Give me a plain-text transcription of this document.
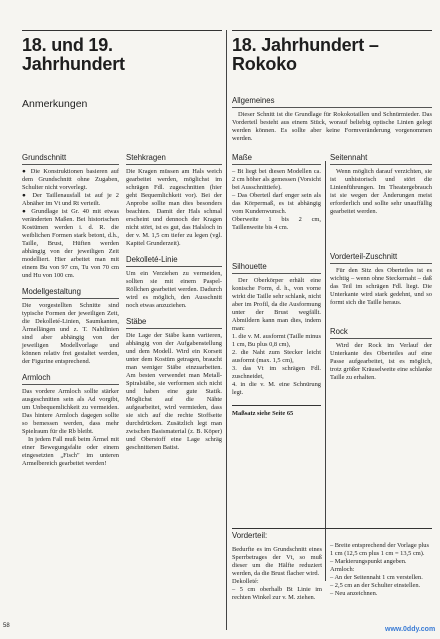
18. und 19.
Jahrhundert
Anmerkungen
Grundschnitt

● Die Konstruktionen basieren auf dem Grundschnitt ohne Zugaben, Schulter nicht vorverlegt.

● Der Taillenausfall ist auf je 2 Abnäher im Vt und Rt verteilt.

● Grundlage ist Gr. 40 mit etwas veränderten Maßen. Bei historischen Kostümen werden i. d. R. die weiblichen Formen stark betont, d.h., Taille, Brust, Hüften werden abhängig von der jeweiligen Zeit modelliert. Hier arbeitet man mit einem Bu von 97 cm, Tu von 70 cm und Hu von 100 cm.

Modellgestaltung
Die vorgestellten Schnitte sind typische Formen der jeweiligen Zeit, die Dekolleté-Linien, Saumkanten, Ärmellängen und z. T. Nahtlinien sind aber abhängig von der jeweiligen Modellvorlage und können relativ frei gestaltet werden, der Figurine entsprechend.
Armloch

Das vordere Armloch sollte stärker ausgeschnitten sein als Ad vorgibt, um Unbequemlichkeit zu vermeiden. Das hintere Armloch dagegen sollte so bemessen werden, dass mehr Spielraum für die Rb bleibt.

In jedem Fall muß beim Ärmel mit einer Bewegungsfalte oder einem eingesetzten „Fisch" im unteren Armelbereich gearbeitet werden!

Stehkragen
Die Kragen müssen am Hals weich gearbeitet werden, möglichst im schrägen Fdl. zugeschnitten (hier geht Bequemlichkeit vor). Bei der Anprobe sollte man dies besonders beachten. Damit der Hals schmal erscheint und dennoch der Kragen nicht stört, ist es gut, das Halsloch in der v. M. 1,5 cm tiefer zu legen (vgl. Kapitel Grunderzeit).
Dekolleté-Linie
Um ein Verziehen zu vermeiden, sollten sie mit einem Paspel-Röllchen gearbeitet werden. Dadurch wird es möglich, den Ausschnitt noch etwas anzuziehen.
Stäbe
Die Lage der Stäbe kann variieren, abhängig von der Aufgabenstellung und dem Modell. Wird ein Korsett unter dem Kostüm getragen, braucht man weniger Stäbe einzuarbeiten. Am besten verwendet man Metall-Spiralstäbe, sie verformen sich nicht und haben eine gute Statik. Möglichst auf die Nähte aufgearbeitet, wird vermieden, dass sie sich auf die rechte Stoffseite durchdrücken. Zusätzlich legt man zwischen Basismaterial (z. B. Köper) und Oberstoff eine Lage schräg geschnittenen Batist.
58
18. Jahrhundert –
Rokoko
Allgemeines
Dieser Schnitt ist die Grundlage für Rokokotaillen und Schnürmieder. Das Vorderteil besteht aus einem Stück, worauf beliebig optische Linien gelegt werden können. Es sollte aber keine Formveränderung vorgenommen werden.
Maße

– Bt liegt bei diesen Modellen ca. 2 cm höher als gemessen (Vorsicht bei Ausschnittiefe).

– Das Oberteil darf enger sein als das Körpermaß, es ist abhängig vom Kundenwunsch.

Oberweite 1 bis 2 cm, Taillenweite bis 4 cm.

Silhouette

Der Oberkörper erhält eine konische Form, d. h., von vorne wirkt die Taille sehr schlank, nicht aber im Profil, da die Ausformung unter der Brust wegfällt. Abmildern kann man dies, indem man:

1. die v. M. ausformt (Taille minus 1 cm, Bu plus 0,8 cm),

2. die Naht zum Stecker leicht ausformt (max. 1,5 cm),

3. das Vt im schrägen Fdl. zuschneidet,

4. in die v. M. eine Schnürung legt.

Maßsatz siehe Seite 65
Seitennaht
Wenn möglich darauf verzichten, sie ist unhistorisch und stört die Linienführungen. Im Theatergebrauch ist sie wegen der Änderungen meist erforderlich und sollte sehr unauffällig gearbeitet werden.
Vorderteil-Zuschnitt
Für den Sitz des Oberteiles ist es wichtig – wenn ohne Steckernaht – daß das Teil im schrägen Fdl. liegt. Die Unterkante wird stark gedehnt, und so formt sich die Taille heraus.
Rock
Wird der Rock im Verlauf der Unterkante des Oberteiles auf eine Passe aufgearbeitet, ist es möglich, trotz größer Kräuselweite eine schlanke Taille zu erhalten.
Vorderteil:

Bedurfte es im Grundschnitt eines Sperrbetrages der Vt, so muß dieser um die Hälfte reduziert werden, da die Brust flacher wird.

Dekolleté:

– 5 cm oberhalb Bt Linie im rechten Winkel zur v. M. ziehen.

– Breite entsprechend der Vorlage plus 1 cm (12,5 cm plus 1 cm = 13,5 cm).

– Markierungspunkt angeben.

Armloch:

– An der Seitennaht 1 cm verstellen.

– 2,5 cm an der Schulter einstellen.

– Neu anzeichnen.

www.0ddy.com
